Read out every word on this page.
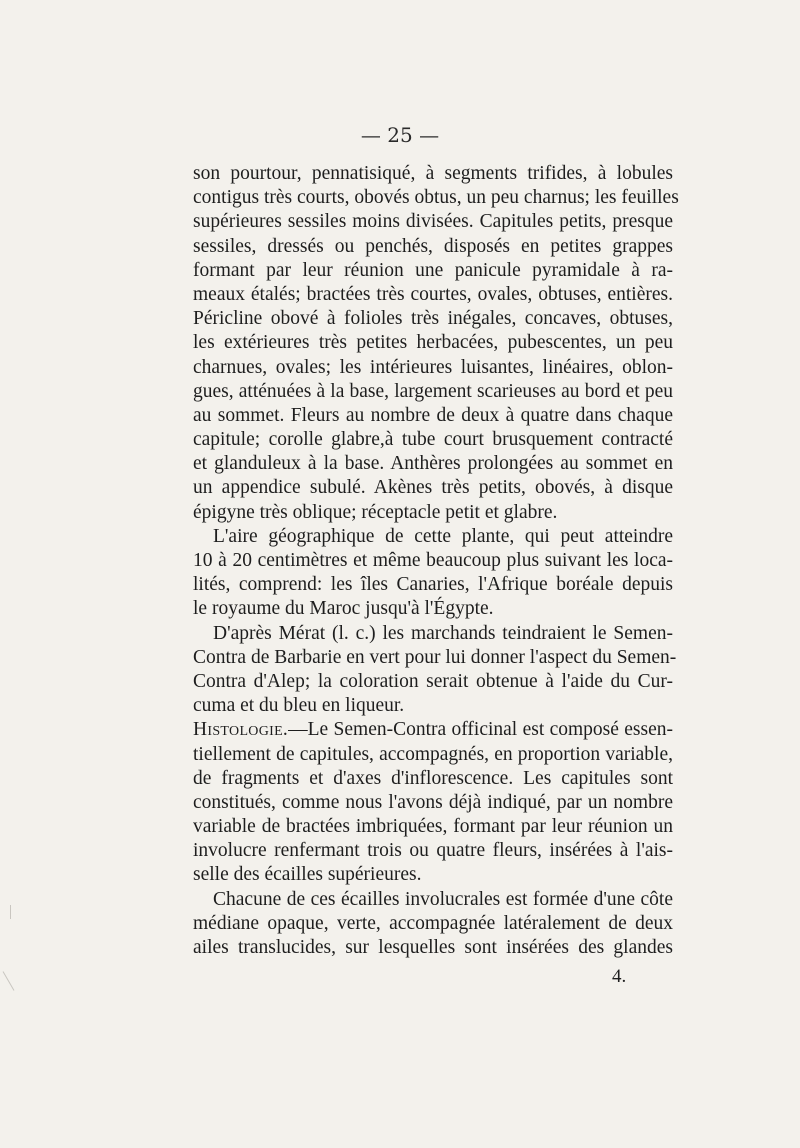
— 25 —
son pourtour, pennatisiqué, à segments trifides, à lobules
contigus très courts, obovés obtus, un peu charnus; les feuilles
supérieures sessiles moins divisées. Capitules petits, presque
sessiles, dressés ou penchés, disposés en petites grappes
formant par leur réunion une panicule pyramidale à ra-
meaux étalés; bractées très courtes, ovales, obtuses, entières.
Péricline obové à folioles très inégales, concaves, obtuses,
les extérieures très petites herbacées, pubescentes, un peu
charnues, ovales; les intérieures luisantes, linéaires, oblon-
gues, atténuées à la base, largement scarieuses au bord et peu
au sommet. Fleurs au nombre de deux à quatre dans chaque
capitule; corolle glabre,à tube court brusquement contracté
et glanduleux à la base. Anthères prolongées au sommet en
un appendice subulé. Akènes très petits, obovés, à disque
épigyne très oblique; réceptacle petit et glabre.
L'aire géographique de cette plante, qui peut atteindre
10 à 20 centimètres et même beaucoup plus suivant les loca-
lités, comprend: les îles Canaries, l'Afrique boréale depuis
le royaume du Maroc jusqu'à l'Égypte.
D'après Mérat (l. c.) les marchands teindraient le Semen-
Contra de Barbarie en vert pour lui donner l'aspect du Semen-
Contra d'Alep; la coloration serait obtenue à l'aide du Cur-
cuma et du bleu en liqueur.
Histologie.—Le Semen-Contra officinal est composé essen-
tiellement de capitules, accompagnés, en proportion variable,
de fragments et d'axes d'inflorescence. Les capitules sont
constitués, comme nous l'avons déjà indiqué, par un nombre
variable de bractées imbriquées, formant par leur réunion un
involucre renfermant trois ou quatre fleurs, insérées à l'ais-
selle des écailles supérieures.
Chacune de ces écailles involucrales est formée d'une côte
médiane opaque, verte, accompagnée latéralement de deux
ailes translucides, sur lesquelles sont insérées des glandes
4.
